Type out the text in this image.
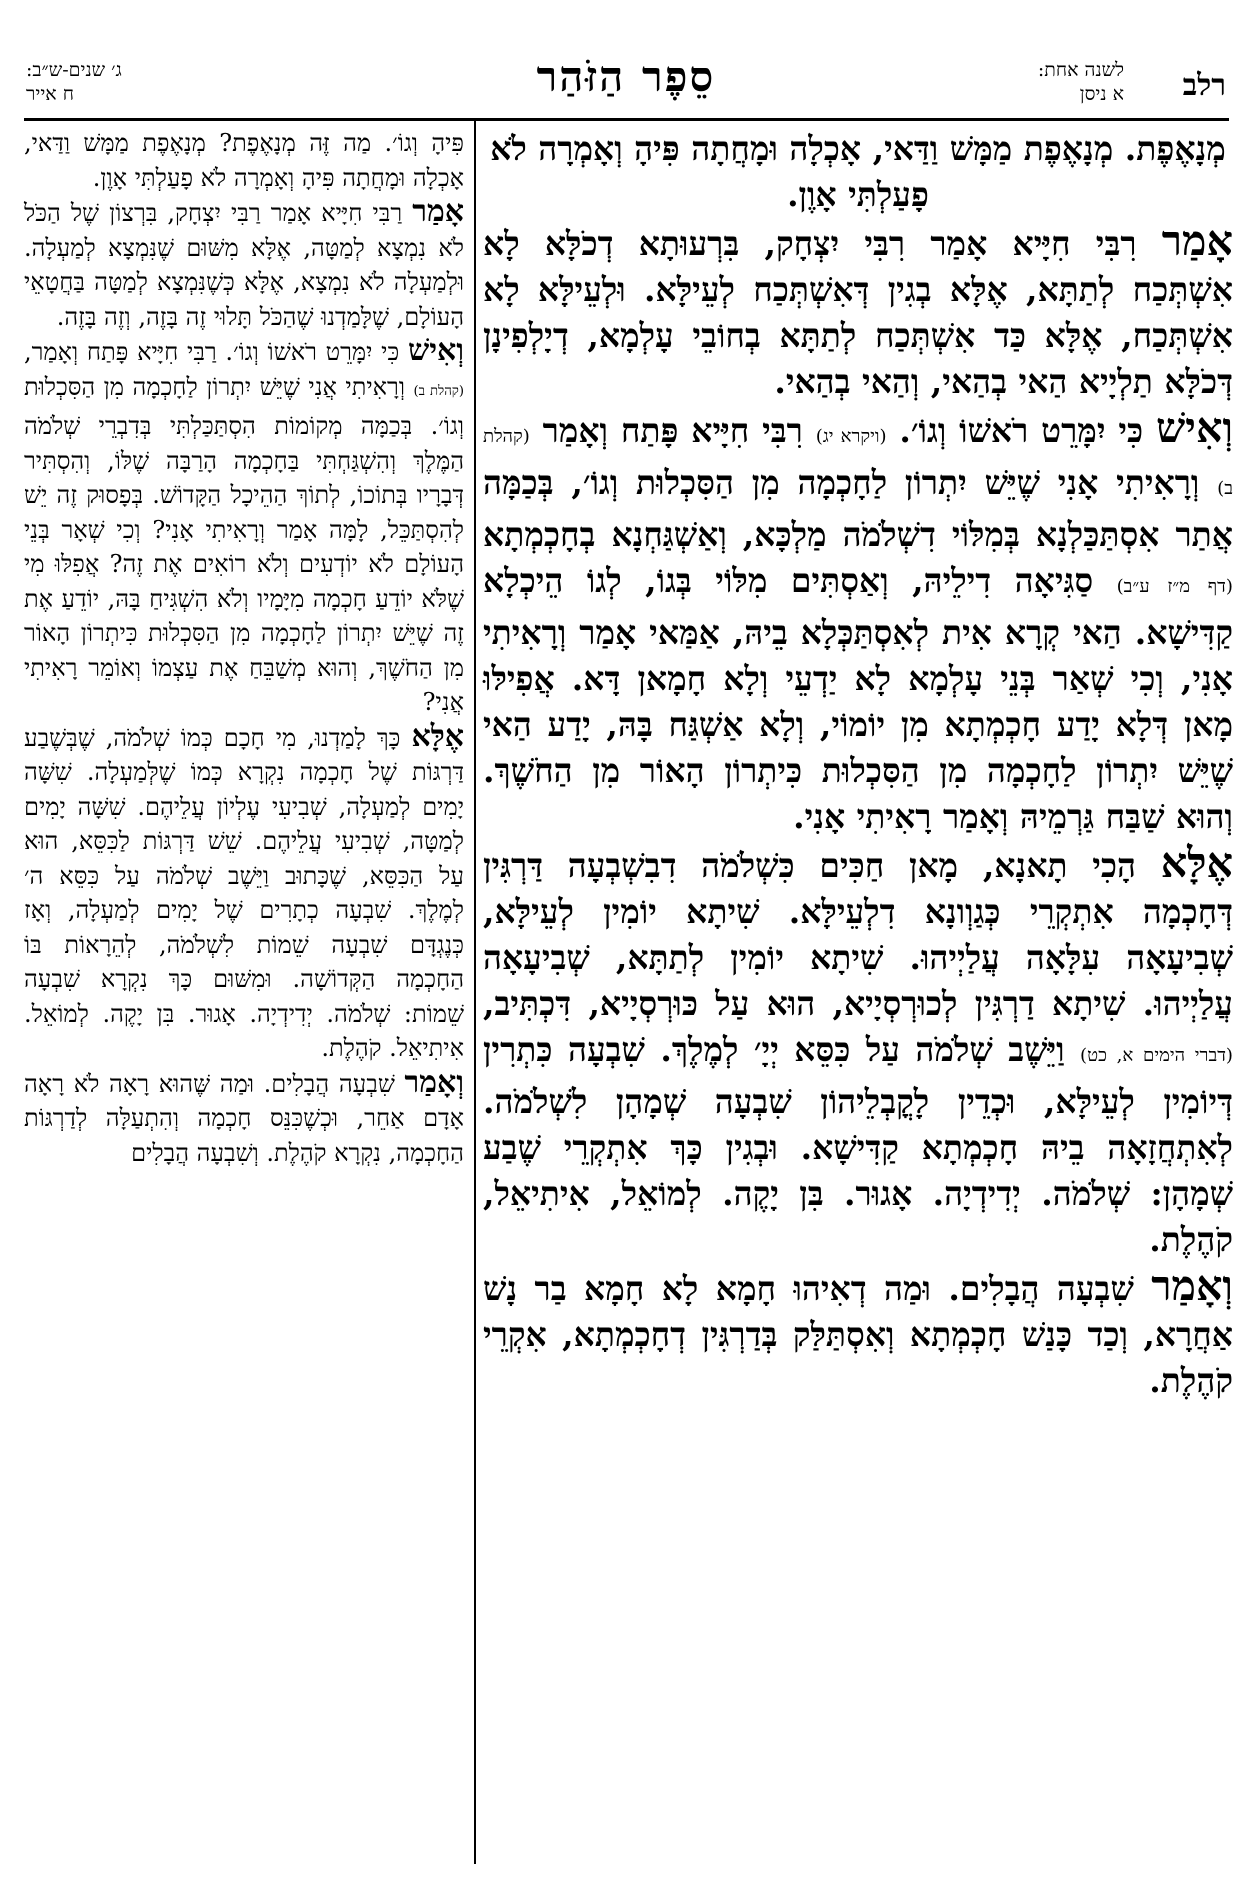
רלב
לשנה אחת:
א ניסן
סֵפֶר הַזֹּהַר
ג׳ שנים-ש״ב:
ח אייר

מְנָאֶפֶת. מְנָאֶפֶת מַמָּשׁ וַדַּאי, אָכְלָה וּמָחֲתָה פִּיהָ וְאָמְרָה לֹא פָעַלְתִּי אָוֶן.

אָמַר רִבִּי חִיָּיא אָמַר רִבִּי יִצְחָק, בִּרְעוּתָא דְכֹלָּא לָא אִשְׁתְּכַח לְתַתָּא, אֶלָּא בְגִין דְּאִשְׁתְּכַח לְעֵילָּא. וּלְעֵילָּא לָא אִשְׁתְּכַח, אֶלָּא כַּד אִשְׁתְּכַח לְתַתָּא בְחוֹבֵי עָלְמָא, דְיָלְפִינָן דְּכֹלָּא תַלְיָיא הַאי בְהַאי, וְהַאי בְהַאי.

וְאִישׁ כִּי יִמָּרֵט רֹאשׁוֹ וְגוֹ׳. (ויקרא יג) רִבִּי חִיָּיא פָּתַח וְאָמַר (קהלת ב) וְרָאִיתִי אָנִי שֶׁיֵּשׁ יִתְרוֹן לַחָכְמָה מִן הַסִּכְלוּת וְגוֹ׳, בְּכַמָּה אֲתַר אִסְתַּכַּלְנָא בְּמִלּוֹי דִשְׁלֹמֹה מַלְכָּא, וְאַשְׁגַּחְנָא בְחָכְמְתָא (דף מ״ז ע״ב) סַגִּיאָה דִילֵיהּ, וְאַסְתִּים מִלּוֹי בְּגוֹ, לְגוֹ הֵיכְלָא קַדִּישָׁא. הַאי קְרָא אִית לְאִסְתַּכְּלָא בֵיהּ, אַמַּאי אָמַר וְרָאִיתִי אָנִי, וְכִי שְׁאַר בְּנֵי עָלְמָא לָא יַדְעֵי וְלָא חָמָאן דָּא. אֲפִילּוּ מָאן דְּלָא יָדַע חָכְמְתָא מִן יוֹמוֹי, וְלָא אַשְׁגַּח בָּהּ, יָדַע הַאי שֶׁיֵּשׁ יִתְרוֹן לַחָכְמָה מִן הַסִּכְלוּת כִּיתְרוֹן הָאוֹר מִן הַחֹשֶׁךְ. וְהוּא שַׁבַּח גַּרְמֵיהּ וְאָמַר רָאִיתִי אָנִי.

אֶלָּא הָכִי תָאנָא, מָאן חַכִּים כִּשְׁלֹמֹה דִבִשְׁבְעָה דַּרְגִּין דְּחָכְמָה אִתְקְרֵי כְּגַוְונָא דִלְעֵילָּא. שִׁיתָא יוֹמִין לְעֵילָּא, שְׁבִיעָאָה עִלָּאָה עֲלַיְיהוּ. שִׁיתָא יוֹמִין לְתַתָּא, שְׁבִיעָאָה עֲלַיְיהוּ. שִׁיתָא דַרְגִּין לְכוּרְסְיָיא, הוּא עַל כּוּרְסְיָיא, דִּכְתִּיב, (דברי הימים א, כט) וַיֵּשֶׁב שְׁלֹמֹה עַל כִּסֵּא יְיָ׳ לְמֶלֶךְ. שִׁבְעָה כִּתְרִין דְּיוֹמִין לְעֵילָּא, וּכְדֵין לָקֳבְלֵיהוֹן שִׁבְעָה שְׁמָהָן לִשְׁלֹמֹה. לְאִתְחֲזָאָה בֵיהּ חָכְמְתָא קַדִּישָׁא. וּבְגִין כָּךְ אִתְקְרֵי שֶׁבַע שְׁמָהָן: שְׁלֹמֹה. יְדִידְיָה. אָגוּר. בִּן יָקֶה. לְמוֹאֵל, אִיתִיאֵל, קֹהֶלֶת.

וְאָמַר שִׁבְעָה הֲבָלִים. וּמַה דְאִיהוּ חָמָא לָא חָמָא בַר נָשׁ אַחֲרָא, וְכַד כָּנַשׁ חָכְמְתָא וְאִסְתַּלַּק בְּדַרְגִּין דְחָכְמְתָא, אִקְרֵי קֹהֶלֶת.

פִּיהָ וְגוֹ׳. מַה זֶּה מְנָאֶפֶת? מְנָאֶפֶת מַמָּשׁ וַדַּאי, אָכְלָה וּמָחֲתָה פִּיהָ וְאָמְרָה לֹא פָעַלְתִּי אָוֶן.

אָמַר רַבִּי חִיָּיא אָמַר רַבִּי יִצְחָק, בִּרְצוֹן שֶׁל הַכֹּל לֹא נִמְצָא לְמַטָּה, אֶלָּא מִשּׁוּם שֶׁנִּמְצָא לְמַעְלָה. וּלְמַעְלָה לֹא נִמְצָא, אֶלָּא כְּשֶׁנִּמְצָא לְמַטָּה בַּחֲטָאֵי הָעוֹלָם, שֶׁלָּמַדְנוּ שֶׁהַכֹּל תָּלוּי זֶה בָּזֶה, וְזֶה בָּזֶה.

וְאִישׁ כִּי יִמָּרֵט רֹאשׁוֹ וְגוֹ׳. רַבִּי חִיָּיא פָּתַח וְאָמַר, (קהלת ב) וְרָאִיתִי אֲנִי שֶׁיֵּשׁ יִתְרוֹן לַחָכְמָה מִן הַסִּכְלוּת וְגוֹ׳. בְּכַמָּה מְקוֹמוֹת הִסְתַּכַּלְתִּי בְּדִבְרֵי שְׁלֹמֹה הַמֶּלֶךְ וְהִשְׁגַּחְתִּי בַּחָכְמָה הָרַבָּה שֶׁלּוֹ, וְהִסְתִּיר דְּבָרָיו בְּתוֹכוֹ, לְתוֹךְ הַהֵיכָל הַקָּדוֹשׁ. בְּפָסוּק זֶה יֵשׁ לְהִסְתַּכֵּל, לָמָּה אָמַר וְרָאִיתִי אָנִי? וְכִי שְׁאָר בְּנֵי הָעוֹלָם לֹא יוֹדְעִים וְלֹא רוֹאִים אֶת זֶה? אֲפִלּוּ מִי שֶׁלֹּא יוֹדֵעַ חָכְמָה מִיָּמָיו וְלֹא הִשְׁגִּיחַ בָּהּ, יוֹדֵעַ אֶת זֶה שֶׁיֵּשׁ יִתְרוֹן לַחָכְמָה מִן הַסִּכְלוּת כִּיתְרוֹן הָאוֹר מִן הַחֹשֶׁךְ, וְהוּא מְשַׁבֵּחַ אֶת עַצְמוֹ וְאוֹמֵר רָאִיתִי אֲנִי?

אֶלָּא כָּךְ לָמַדְנוּ, מִי חָכָם כְּמוֹ שְׁלֹמֹה, שֶׁבְּשֶׁבַע דַּרְגּוֹת שֶׁל חָכְמָה נִקְרָא כְּמוֹ שֶׁלְּמַעְלָה. שִׁשָּׁה יָמִים לְמַעְלָה, שְׁבִיעִי עֶלְיוֹן עֲלֵיהֶם. שִׁשָּׁה יָמִים לְמַטָּה, שְׁבִיעִי עֲלֵיהֶם. שֵׁשׁ דַּרְגּוֹת לַכִּסֵּא, הוּא עַל הַכִּסֵּא, שֶׁכָּתוּב וַיֵּשֶׁב שְׁלֹמֹה עַל כִּסֵּא ה׳ לְמֶלֶךְ. שִׁבְעָה כְתָרִים שֶׁל יָמִים לְמַעְלָה, וְאָז כְּנֶגְדָּם שִׁבְעָה שֵׁמוֹת לִשְׁלֹמֹה, לְהֵרָאוֹת בּוֹ הַחָכְמָה הַקְּדוֹשָׁה. וּמִשּׁוּם כָּךְ נִקְרָא שִׁבְעָה שֵׁמוֹת: שְׁלֹמֹה. יְדִידְיָה. אָגוּר. בִּן יָקֶה. לְמוֹאֵל. אִיתִיאֵל. קֹהֶלֶת.

וְאָמַר שִׁבְעָה הֲבָלִים. וּמַה שֶּׁהוּא רָאָה לֹא רָאָה אָדָם אַחֵר, וּכְשֶׁכִּנֵּס חָכְמָה וְהִתְעַלָּה לְדַרְגּוֹת הַחָכְמָה, נִקְרָא קֹהֶלֶת. וְשִׁבְעָה הֲבָלִים
